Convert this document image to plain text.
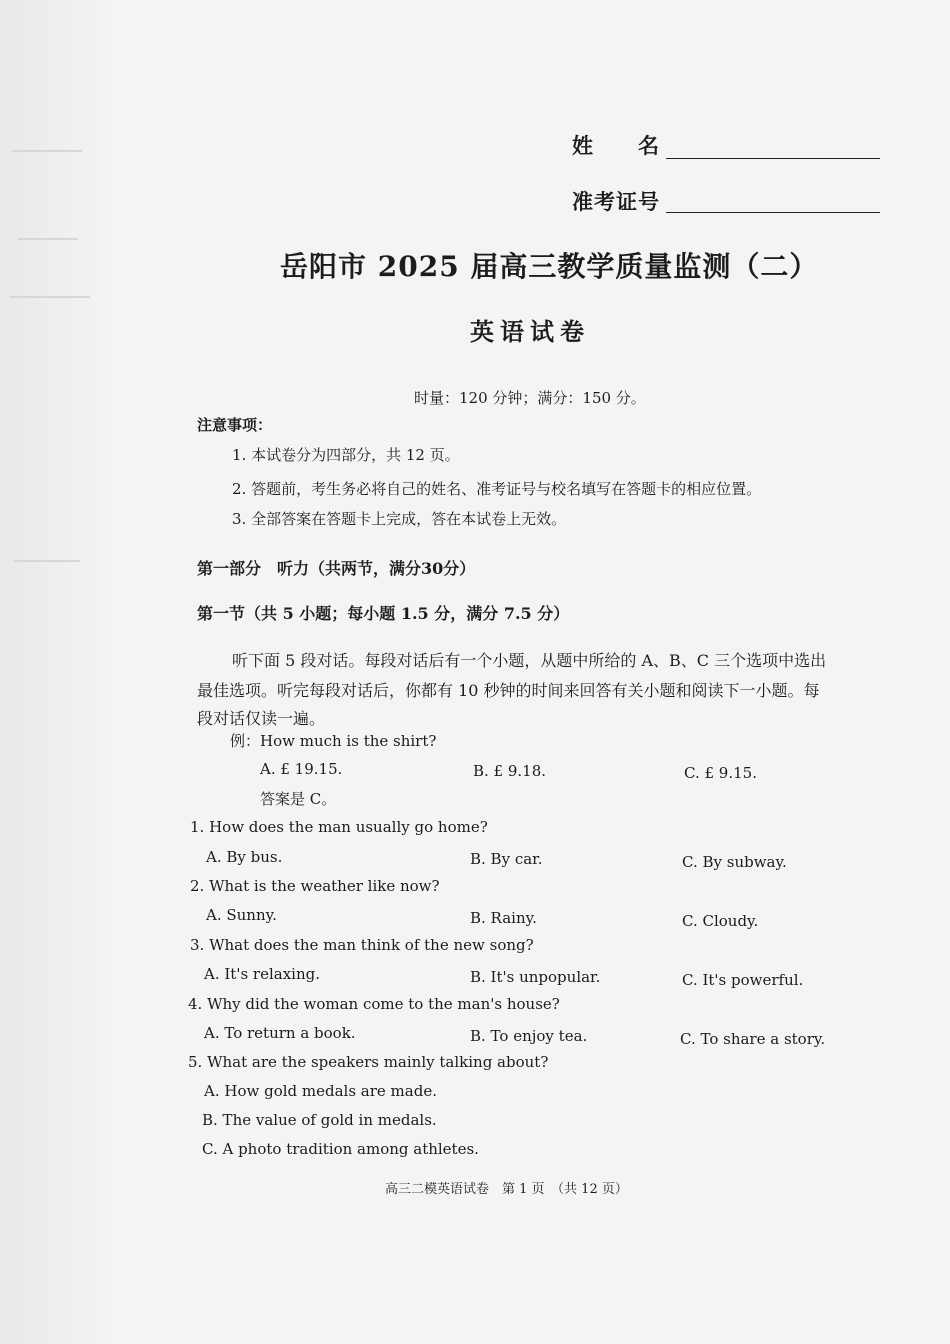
姓　　名
准考证号
岳阳市 2025 届高三教学质量监测（二）
英语试卷
时量：120 分钟；满分：150 分。
注意事项：
1. 本试卷分为四部分，共 12 页。
2. 答题前，考生务必将自己的姓名、准考证号与校名填写在答题卡的相应位置。
3. 全部答案在答题卡上完成，答在本试卷上无效。
第一部分　听力（共两节，满分30分）
第一节（共 5 小题；每小题 1.5 分，满分 7.5 分）
听下面 5 段对话。每段对话后有一个小题，从题中所给的 A、B、C 三个选项中选出
最佳选项。听完每段对话后，你都有 10 秒钟的时间来回答有关小题和阅读下一小题。每
段对话仅读一遍。
例：How much is the shirt?
A. £ 19.15.	B. £ 9.18.	C. £ 9.15.
答案是 C。
1. How does the man usually go home?
A. By bus.	B. By car.	C. By subway.
2. What is the weather like now?
A. Sunny.	B. Rainy.	C. Cloudy.
3. What does the man think of the new song?
A. It's relaxing.	B. It's unpopular.	C. It's powerful.
4. Why did the woman come to the man's house?
A. To return a book.	B. To enjoy tea.	C. To share a story.
5. What are the speakers mainly talking about?
A. How gold medals are made.
B. The value of gold in medals.
C. A photo tradition among athletes.
高三二模英语试卷　第 1 页　（共 12 页）
